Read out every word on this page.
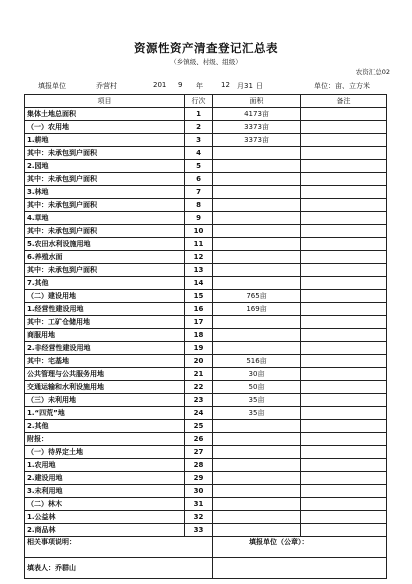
资源性资产清查登记汇总表
（乡镇级、村级、组级）
农资汇总02
填报单位	乔营村	201 9 年	12 月31 日	单位：亩、立方米
项目	行次	面积	备注
集体土地总面积	1	4173亩	
（一）农用地	2	3373亩	
1.耕地	3	3373亩	
其中：未承包到户面积	4		
2.园地	5		
其中：未承包到户面积	6		
3.林地	7		
其中：未承包到户面积	8		
4.草地	9		
其中：未承包到户面积	10		
5.农田水利设施用地	11		
6.养殖水面	12		
其中：未承包到户面积	13		
7.其他	14		
（二）建设用地	15	765亩	
1.经营性建设用地	16	169亩	
其中：工矿仓储用地	17		
商服用地	18		
2.非经营性建设用地	19		
其中：宅基地	20	516亩	
公共管理与公共服务用地	21	30亩	
交通运输和水利设施用地	22	50亩	
（三）未利用地	23	35亩	
1.“四荒”地	24	35亩	
2.其他	25		
附报：	26		
（一）待界定土地	27		
1.农用地	28		
2.建设用地	29		
3.未利用地	30		
（二）林木	31		
1.公益林	32		
2.商品林	33		
相关事项说明：		填报单位（公章）：	
填表人：乔群山			
